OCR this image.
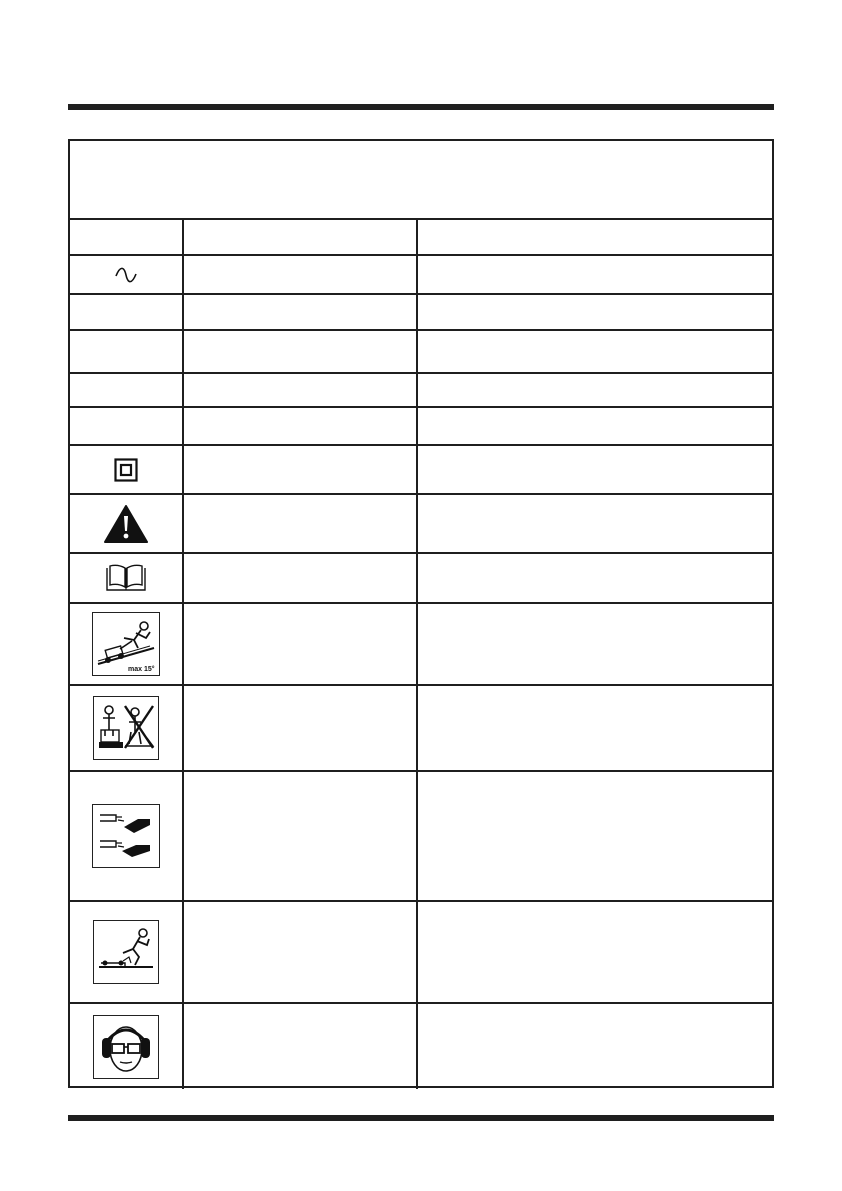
max 15°
